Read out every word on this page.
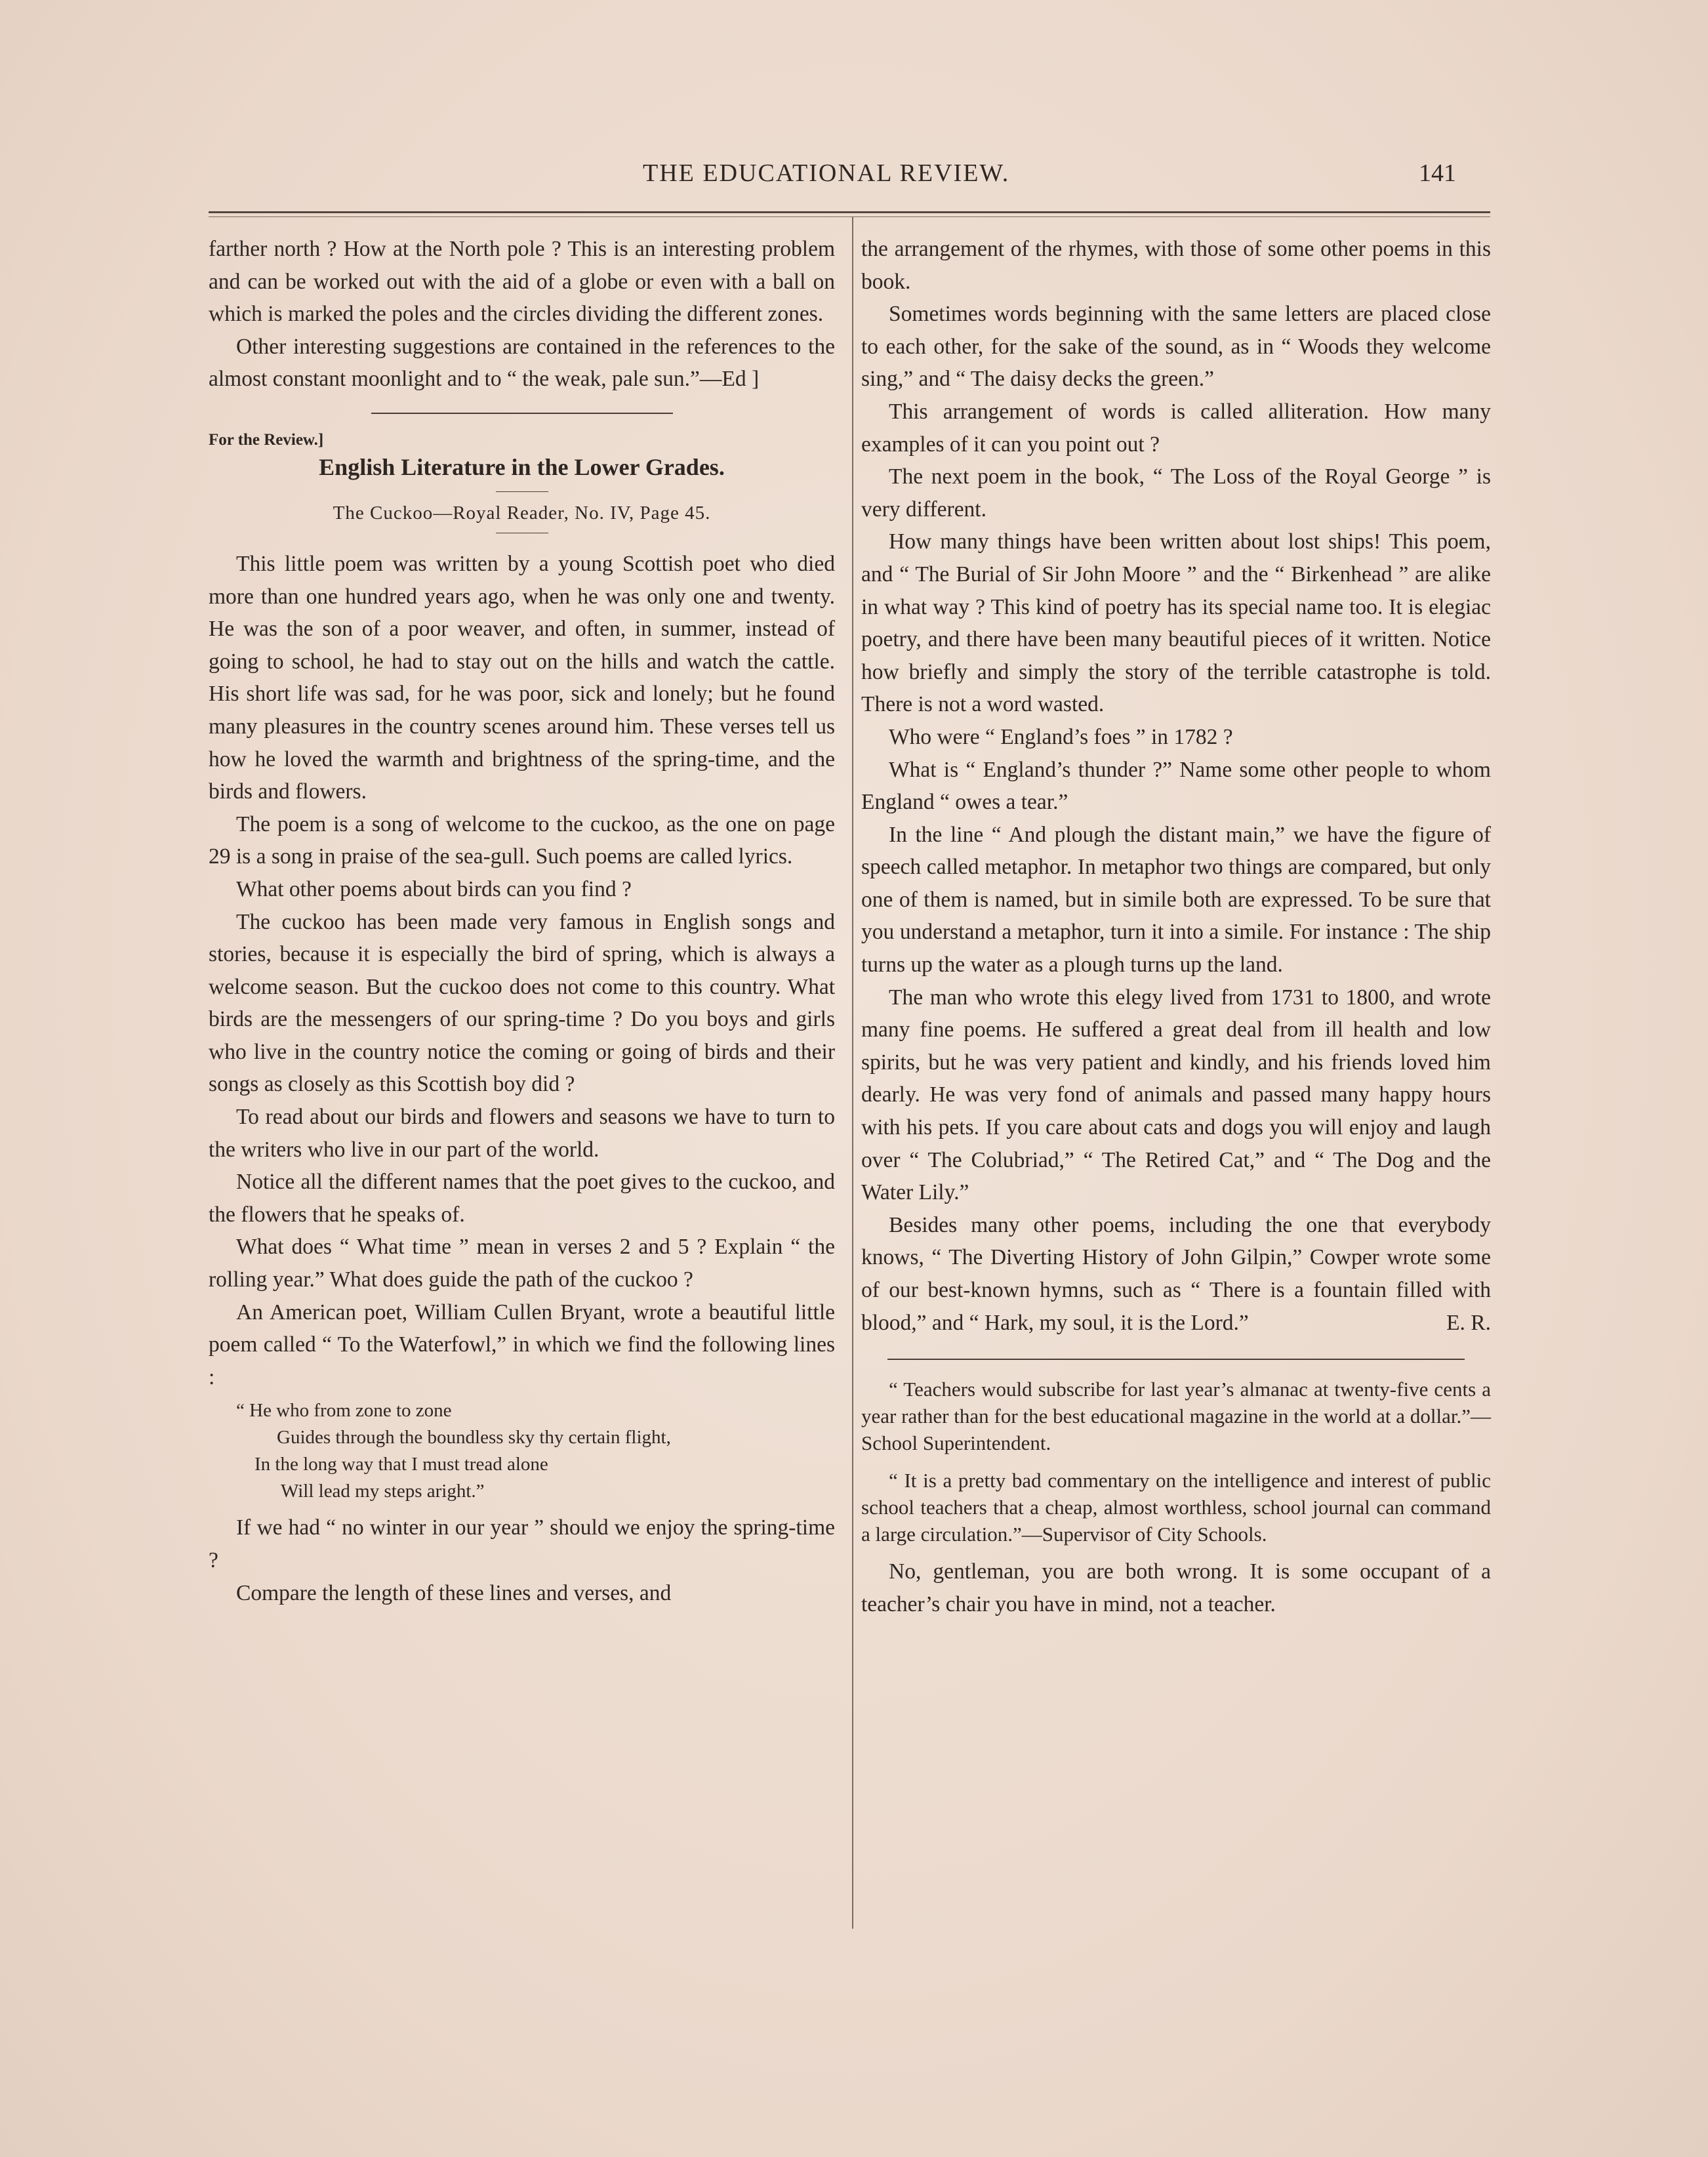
THE EDUCATIONAL REVIEW.	141

farther north ? How at the North pole ? This is an interesting problem and can be worked out with the aid of a globe or even with a ball on which is marked the poles and the circles dividing the different zones.

Other interesting suggestions are contained in the references to the almost constant moonlight and to “ the weak, pale sun.”—Ed ]

For the Review.]
English Literature in the Lower Grades.
The Cuckoo—Royal Reader, No. IV, Page 45.

This little poem was written by a young Scottish poet who died more than one hundred years ago, when he was only one and twenty. He was the son of a poor weaver, and often, in summer, instead of going to school, he had to stay out on the hills and watch the cattle. His short life was sad, for he was poor, sick and lonely; but he found many pleasures in the country scenes around him. These verses tell us how he loved the warmth and brightness of the spring-time, and the birds and flowers.

The poem is a song of welcome to the cuckoo, as the one on page 29 is a song in praise of the sea-gull. Such poems are called lyrics.

What other poems about birds can you find ?

The cuckoo has been made very famous in English songs and stories, because it is especially the bird of spring, which is always a welcome season. But the cuckoo does not come to this country. What birds are the messengers of our spring-time ? Do you boys and girls who live in the country notice the coming or going of birds and their songs as closely as this Scottish boy did ?

To read about our birds and flowers and seasons we have to turn to the writers who live in our part of the world.

Notice all the different names that the poet gives to the cuckoo, and the flowers that he speaks of.

What does “ What time ” mean in verses 2 and 5 ? Explain “ the rolling year.” What does guide the path of the cuckoo ?

An American poet, William Cullen Bryant, wrote a beautiful little poem called “ To the Waterfowl,” in which we find the following lines :

“ He who from zone to zone
Guides through the boundless sky thy certain flight,
In the long way that I must tread alone
Will lead my steps aright.”

If we had “ no winter in our year ” should we enjoy the spring-time ?

Compare the length of these lines and verses, and

the arrangement of the rhymes, with those of some other poems in this book.

Sometimes words beginning with the same letters are placed close to each other, for the sake of the sound, as in “ Woods they welcome sing,” and “ The daisy decks the green.”

This arrangement of words is called alliteration. How many examples of it can you point out ?

The next poem in the book, “ The Loss of the Royal George ” is very different.

How many things have been written about lost ships! This poem, and “ The Burial of Sir John Moore ” and the “ Birkenhead ” are alike in what way ? This kind of poetry has its special name too. It is elegiac poetry, and there have been many beautiful pieces of it written. Notice how briefly and simply the story of the terrible catastrophe is told. There is not a word wasted.

Who were “ England’s foes ” in 1782 ?

What is “ England’s thunder ?” Name some other people to whom England “ owes a tear.”

In the line “ And plough the distant main,” we have the figure of speech called metaphor. In metaphor two things are compared, but only one of them is named, but in simile both are expressed. To be sure that you understand a metaphor, turn it into a simile. For instance : The ship turns up the water as a plough turns up the land.

The man who wrote this elegy lived from 1731 to 1800, and wrote many fine poems. He suffered a great deal from ill health and low spirits, but he was very patient and kindly, and his friends loved him dearly. He was very fond of animals and passed many happy hours with his pets. If you care about cats and dogs you will enjoy and laugh over “ The Colubriad,” “ The Retired Cat,” and “ The Dog and the Water Lily.”

Besides many other poems, including the one that everybody knows, “ The Diverting History of John Gilpin,” Cowper wrote some of our best-known hymns, such as “ There is a fountain filled with blood,” and “ Hark, my soul, it is the Lord.”	E. R.

“ Teachers would subscribe for last year’s almanac at twenty-five cents a year rather than for the best educational magazine in the world at a dollar.”—School Superintendent.

“ It is a pretty bad commentary on the intelligence and interest of public school teachers that a cheap, almost worthless, school journal can command a large circulation.”—Supervisor of City Schools.

No, gentleman, you are both wrong. It is some occupant of a teacher’s chair you have in mind, not a teacher.
